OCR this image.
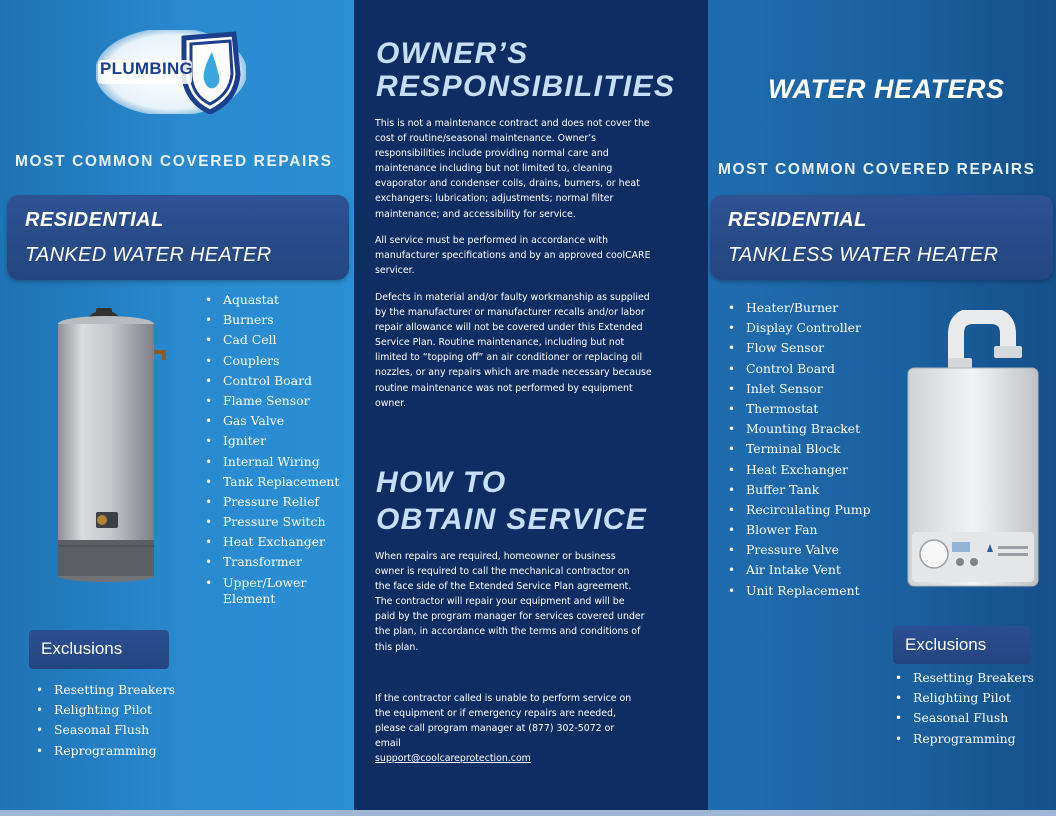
PLUMBING
MOST COMMON COVERED REPAIRS
RESIDENTIAL
TANKED WATER HEATER
• Aquastat
• Burners
• Cad Cell
• Couplers
• Control Board
• Flame Sensor
• Gas Valve
• Igniter
• Internal Wiring
• Tank Replacement
• Pressure Relief
• Pressure Switch
• Heat Exchanger
• Transformer
• Upper/Lower Element
Exclusions
• Resetting Breakers
• Relighting Pilot
• Seasonal Flush
• Reprogramming
OWNER’S
RESPONSIBILITIES
This is not a maintenance contract and does not cover the cost of routine/seasonal maintenance. Owner’s responsibilities include providing normal care and maintenance including but not limited to, cleaning evaporator and condenser coils, drains, burners, or heat exchangers; lubrication; adjustments; normal filter maintenance; and accessibility for service.
All service must be performed in accordance with manufacturer specifications and by an approved coolCARE servicer.
Defects in material and/or faulty workmanship as supplied by the manufacturer or manufacturer recalls and/or labor repair allowance will not be covered under this Extended Service Plan. Routine maintenance, including but not limited to “topping off” an air conditioner or replacing oil nozzles, or any repairs which are made necessary because routine maintenance was not performed by equipment owner.
HOW TO
OBTAIN SERVICE
When repairs are required, homeowner or business owner is required to call the mechanical contractor on the face side of the Extended Service Plan agreement. The contractor will repair your equipment and will be paid by the program manager for services covered under the plan, in accordance with the terms and conditions of this plan.
If the contractor called is unable to perform service on the equipment or if emergency repairs are needed, please call program manager at (877) 302-5072 or email
support@coolcareprotection.com
WATER HEATERS
MOST COMMON COVERED REPAIRS
RESIDENTIAL
TANKLESS WATER HEATER
• Heater/Burner
• Display Controller
• Flow Sensor
• Control Board
• Inlet Sensor
• Thermostat
• Mounting Bracket
• Terminal Block
• Heat Exchanger
• Buffer Tank
• Recirculating Pump
• Blower Fan
• Pressure Valve
• Air Intake Vent
• Unit Replacement
Exclusions
• Resetting Breakers
• Relighting Pilot
• Seasonal Flush
• Reprogramming
